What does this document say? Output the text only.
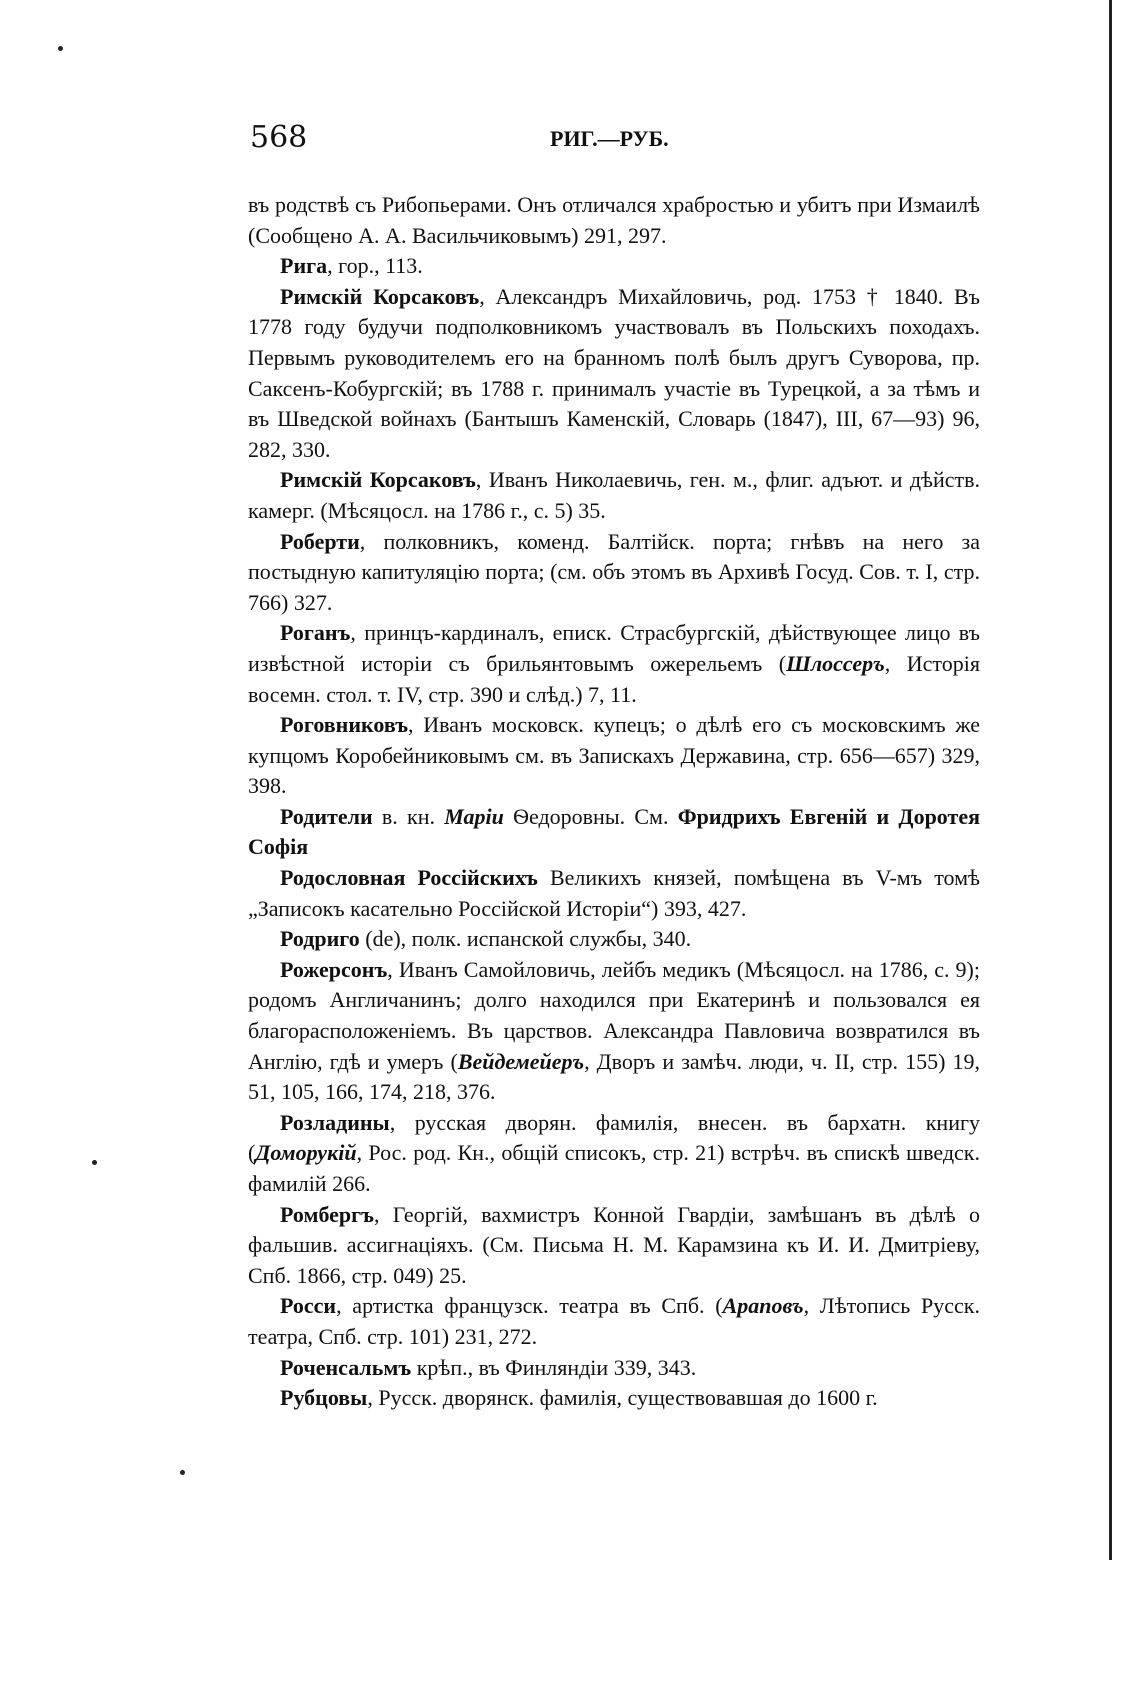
568	РИГ.—РУБ.

въ родствѣ съ Рибопьерами. Онъ отличался храбростью и убитъ при Измаилѣ (Сообщено А. А. Васильчиковымъ) 291, 297.

Рига, гор., 113.

Римскій Корсаковъ, Александръ Михайловичь, род. 1753 † 1840. Въ 1778 году будучи подполковникомъ участвовалъ въ Польскихъ походахъ. Первымъ руководителемъ его на бранномъ полѣ былъ другъ Суворова, пр. Саксенъ-Кобургскій; въ 1788 г. принималъ участіе въ Турецкой, а за тѣмъ и въ Шведской войнахъ (Бантышъ Каменскій, Словарь (1847), III, 67—93) 96, 282, 330.

Римскій Корсаковъ, Иванъ Николаевичь, ген. м., флиг. адъют. и дѣйств. камерг. (Мѣсяцосл. на 1786 г., с. 5) 35.

Роберти, полковникъ, коменд. Балтійск. порта; гнѣвъ на него за постыдную капитуляцію порта; (см. объ этомъ въ Архивѣ Госуд. Сов. т. I, стр. 766) 327.

Роганъ, принцъ-кардиналъ, еписк. Страсбургскій, дѣйствующее лицо въ извѣстной исторіи съ брильянтовымъ ожерельемъ (Шлоссеръ, Исторія восемн. стол. т. IV, стр. 390 и слѣд.) 7, 11.

Роговниковъ, Иванъ московск. купецъ; о дѣлѣ его съ московскимъ же купцомъ Коробейниковымъ см. въ Запискахъ Державина, стр. 656—657) 329, 398.

Родители в. кн. Маріи Ѳедоровны. См. Фридрихъ Евгеній и Доротея Софія

Родословная Россійскихъ Великихъ князей, помѣщена въ V-мъ томѣ „Записокъ касательно Россійской Исторіи“) 393, 427.

Родриго (de), полк. испанской службы, 340.

Рожерсонъ, Иванъ Самойловичь, лейбъ медикъ (Мѣсяцосл. на 1786, с. 9); родомъ Англичанинъ; долго находился при Екатеринѣ и пользовался ея благорасположеніемъ. Въ царствов. Александра Павловича возвратился въ Англію, гдѣ и умеръ (Вейдемейеръ, Дворъ и замѣч. люди, ч. II, стр. 155) 19, 51, 105, 166, 174, 218, 376.

Розладины, русская дворян. фамилія, внесен. въ бархатн. книгу (Доморукій, Рос. род. Кн., общій списокъ, стр. 21) встрѣч. въ спискѣ шведск. фамилій 266.

Ромбергъ, Георгій, вахмистръ Конной Гвардіи, замѣшанъ въ дѣлѣ о фальшив. ассигнаціяхъ. (См. Письма Н. М. Карамзина къ И. И. Дмитріеву, Спб. 1866, стр. 049) 25.

Росси, артистка французск. театра въ Спб. (Араповъ, Лѣтопись Русск. театра, Спб. стр. 101) 231, 272.

Роченсальмъ крѣп., въ Финляндіи 339, 343.

Рубцовы, Русск. дворянск. фамилія, существовавшая до 1600 г.
